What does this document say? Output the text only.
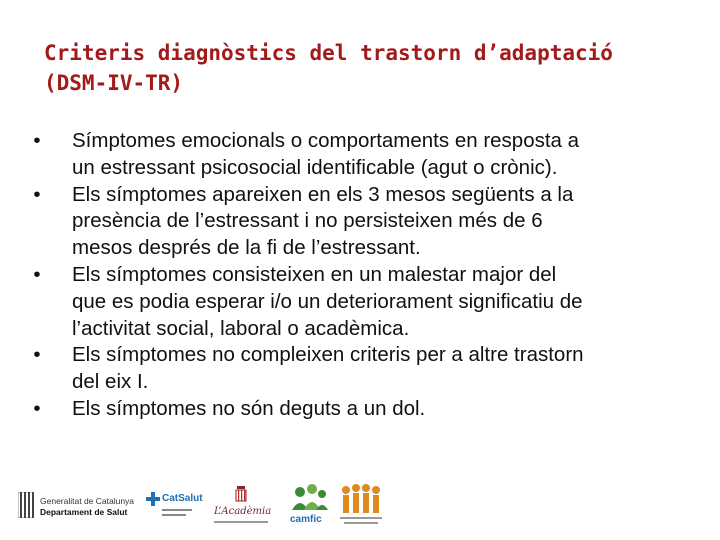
Criteris diagnòstics del trastorn d’adaptació
(DSM-IV-TR)
• Símptomes emocionals o comportaments en resposta a
un estressant psicosocial identificable (agut o crònic).
• Els símptomes apareixen en els 3 mesos següents a la
presència de l’estressant i no persisteixen més de 6
mesos després de la fi de l’estressant.
• Els símptomes consisteixen en un malestar major del
que es podia esperar i/o un deteriorament significatiu de
l’activitat social, laboral o acadèmica.
• Els símptomes no compleixen criteris per a altre trastorn
del eix I.
• Els símptomes no són deguts a un dol.
Generalitat de Catalunya
Departament de Salut
CatSalut
L’Acadèmia
camfic
